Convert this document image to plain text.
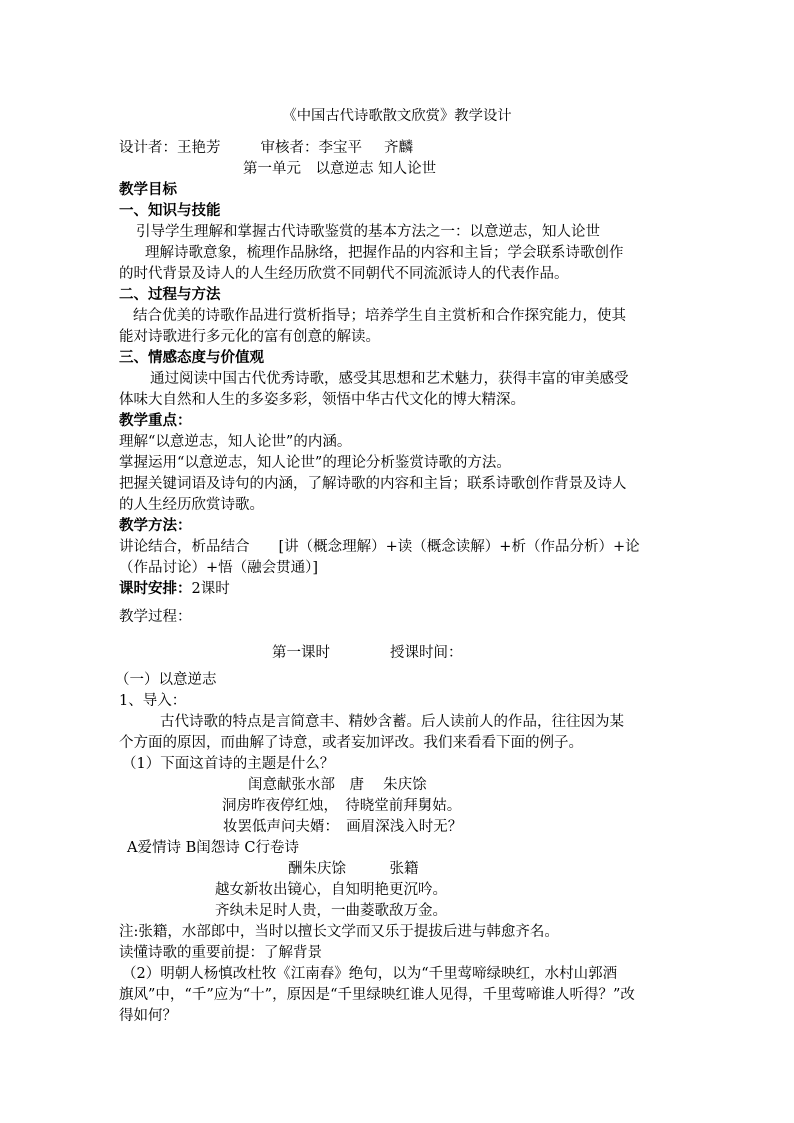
《中国古代诗歌散文欣赏》教学设计
设计者：王艳芳	审核者：李宝平 齐麟
第一单元　以意逆志 知人论世
教学目标
一、知识与技能
引导学生理解和掌握古代诗歌鉴赏的基本方法之一：以意逆志，知人论世
理解诗歌意象，梳理作品脉络，把握作品的内容和主旨；学会联系诗歌创作
的时代背景及诗人的人生经历欣赏不同朝代不同流派诗人的代表作品。
二、过程与方法
结合优美的诗歌作品进行赏析指导；培养学生自主赏析和合作探究能力，使其
能对诗歌进行多元化的富有创意的解读。
三、情感态度与价值观
通过阅读中国古代优秀诗歌，感受其思想和艺术魅力，获得丰富的审美感受
体味大自然和人生的多姿多彩，领悟中华古代文化的博大精深。
教学重点：
理解“以意逆志，知人论世”的内涵。
掌握运用“以意逆志，知人论世”的理论分析鉴赏诗歌的方法。
把握关键词语及诗句的内涵，了解诗歌的内容和主旨；联系诗歌创作背景及诗人
的人生经历欣赏诗歌。
教学方法：
讲论结合，析品结合　　[讲（概念理解）+读（概念读解）+析（作品分析）+论
（作品讨论）+悟（融会贯通）]
课时安排：2课时
教学过程：
第一课时	授课时间：
（一）以意逆志
1、导入：
古代诗歌的特点是言简意丰、精妙含蓄。后人读前人的作品，往往因为某
个方面的原因，而曲解了诗意，或者妄加评改。我们来看看下面的例子。
（1）下面这首诗的主题是什么？
闺意献张水部　唐　 朱庆馀
洞房昨夜停红烛，　待晓堂前拜舅姑。
妆罢低声问夫婿：　画眉深浅入时无？
A爱情诗 B闺怨诗 C行卷诗
酬朱庆馀　　　张籍
越女新妆出镜心，自知明艳更沉吟。
齐纨未足时人贵，一曲菱歌敌万金。
注:张籍，水部郎中，当时以擅长文学而又乐于提拔后进与韩愈齐名。
读懂诗歌的重要前提：了解背景
（2）明朝人杨慎改杜牧《江南春》绝句，以为“千里莺啼绿映红，水村山郭酒
旗风”中，“千”应为“十”，原因是“千里绿映红谁人见得，千里莺啼谁人听得？”改
得如何？
